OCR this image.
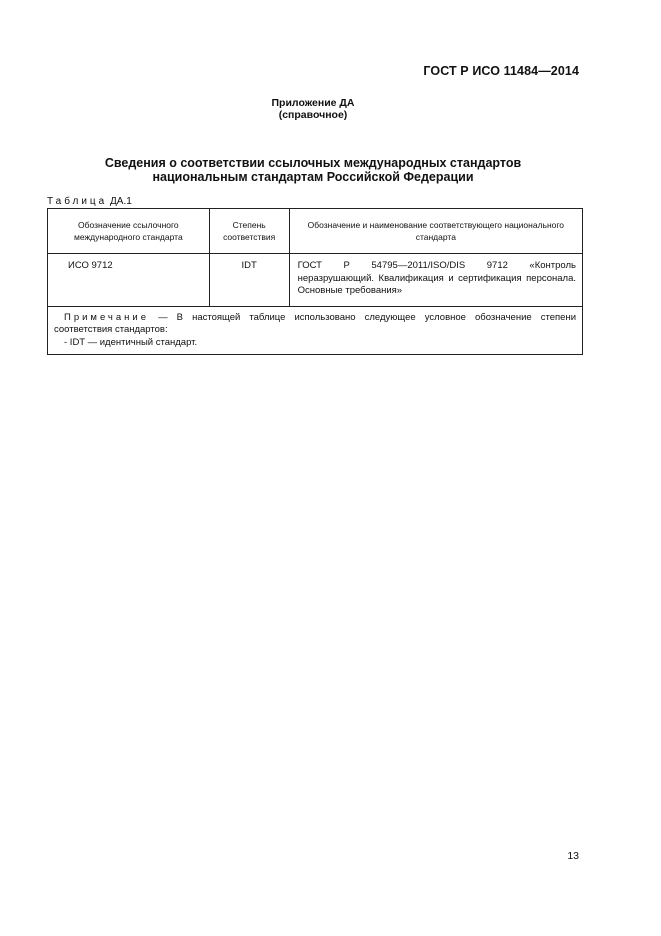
ГОСТ Р ИСО 11484—2014
Приложение ДА
(справочное)
Сведения о соответствии ссылочных международных стандартов
национальным стандартам Российской Федерации
Таблица ДА.1
Обозначение ссылочного международного стандарта	Степень соответствия	Обозначение и наименование соответствующего национального стандарта
ИСО 9712	IDT	ГОСТ Р 54795—2011/ISO/DIS 9712 «Контроль неразрушающий. Квалификация и сертификация персонала. Основные требования»
Примечание — В настоящей таблице использовано следующее условное обозначение степени соответствия стандартов:
- IDT — идентичный стандарт.		
13
